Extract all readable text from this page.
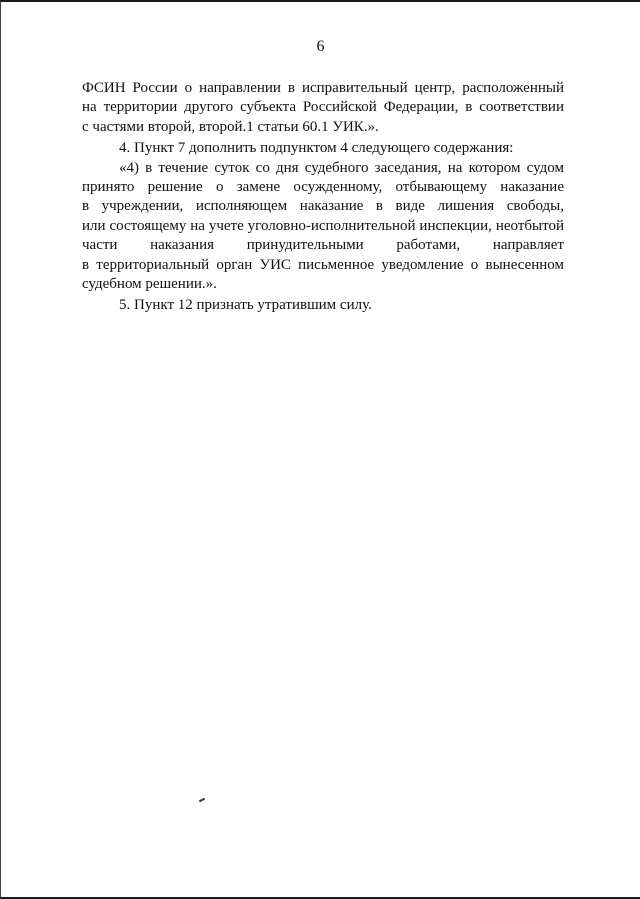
6
ФСИН России о направлении в исправительный центр, расположенный
на территории другого субъекта Российской Федерации, в соответствии
с частями второй, второй.1 статьи 60.1 УИК.».
4. Пункт 7 дополнить подпунктом 4 следующего содержания:
«4) в течение суток со дня судебного заседания, на котором судом
принято решение о замене осужденному, отбывающему наказание
в учреждении, исполняющем наказание в виде лишения свободы,
или состоящему на учете уголовно-исполнительной инспекции, неотбытой
части наказания принудительными работами, направляет
в территориальный орган УИС письменное уведомление о вынесенном
судебном решении.».
5. Пункт 12 признать утратившим силу.
